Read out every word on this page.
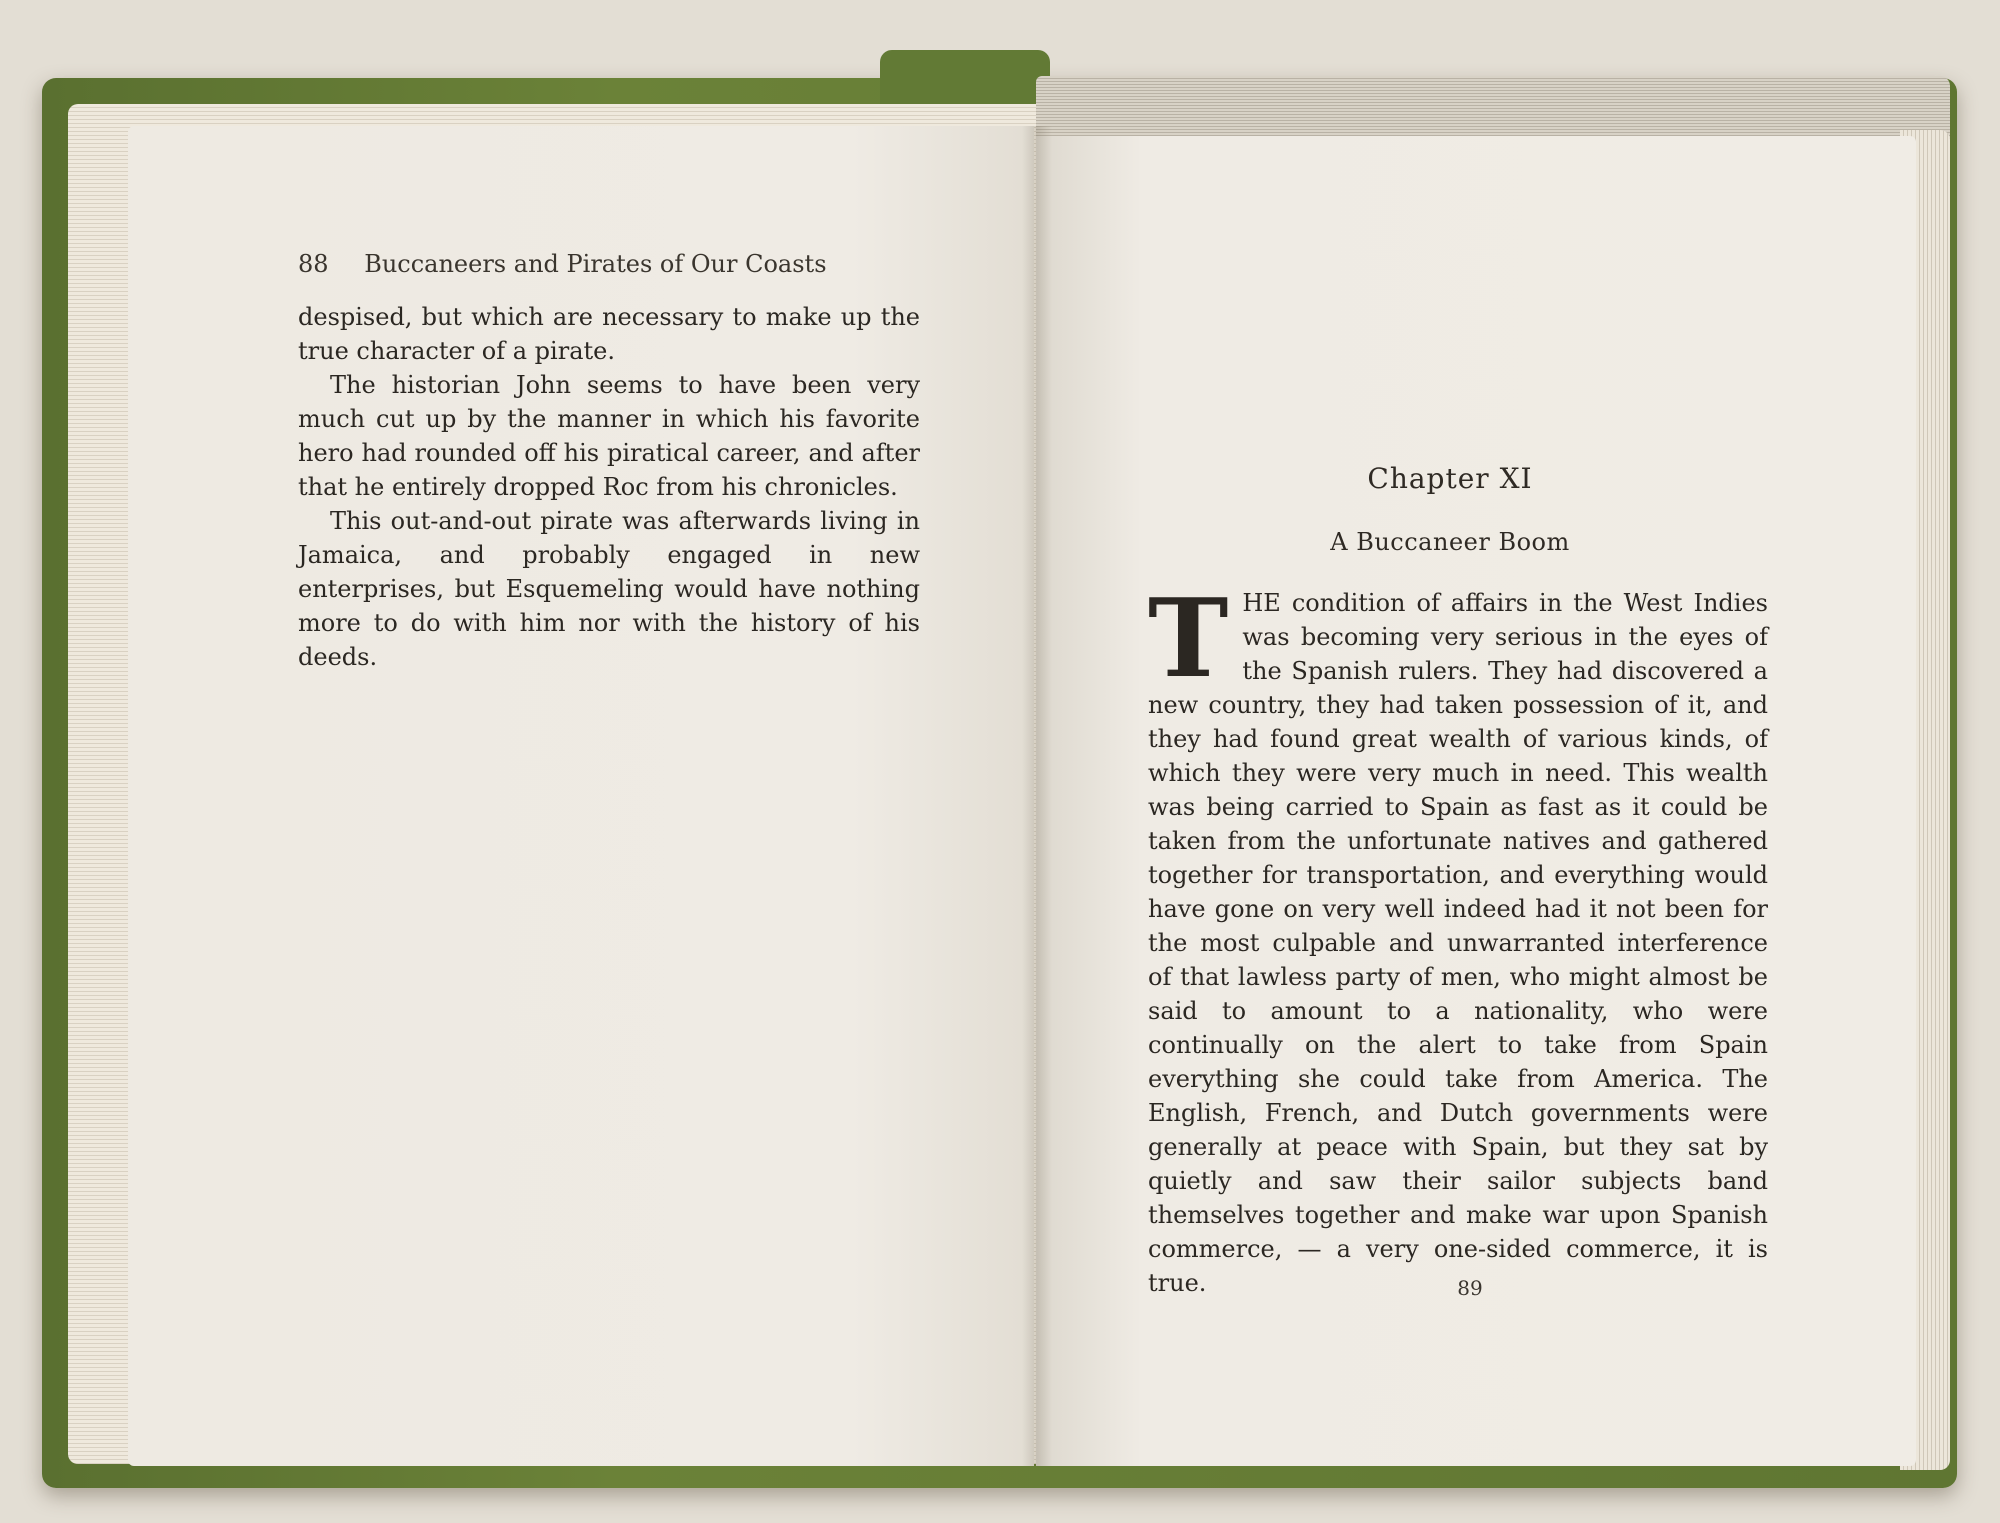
88 Buccaneers and Pirates of Our Coasts

despised, but which are necessary to make up the true character of a pirate.

The historian John seems to have been very much cut up by the manner in which his favorite hero had rounded off his piratical career, and after that he entirely dropped Roc from his chronicles.

This out-and-out pirate was afterwards living in Jamaica, and probably engaged in new enterprises, but Esquemeling would have nothing more to do with him nor with the history of his deeds.

Chapter XI
A Buccaneer Boom

THE condition of affairs in the West Indies was becoming very serious in the eyes of the Spanish rulers. They had discovered a new country, they had taken possession of it, and they had found great wealth of various kinds, of which they were very much in need. This wealth was being carried to Spain as fast as it could be taken from the unfortunate natives and gathered together for transportation, and everything would have gone on very well indeed had it not been for the most culpable and unwarranted interference of that lawless party of men, who might almost be said to amount to a nationality, who were continually on the alert to take from Spain everything she could take from America. The English, French, and Dutch governments were generally at peace with Spain, but they sat by quietly and saw their sailor subjects band themselves together and make war upon Spanish commerce, — a very one-sided commerce, it is true.	89
